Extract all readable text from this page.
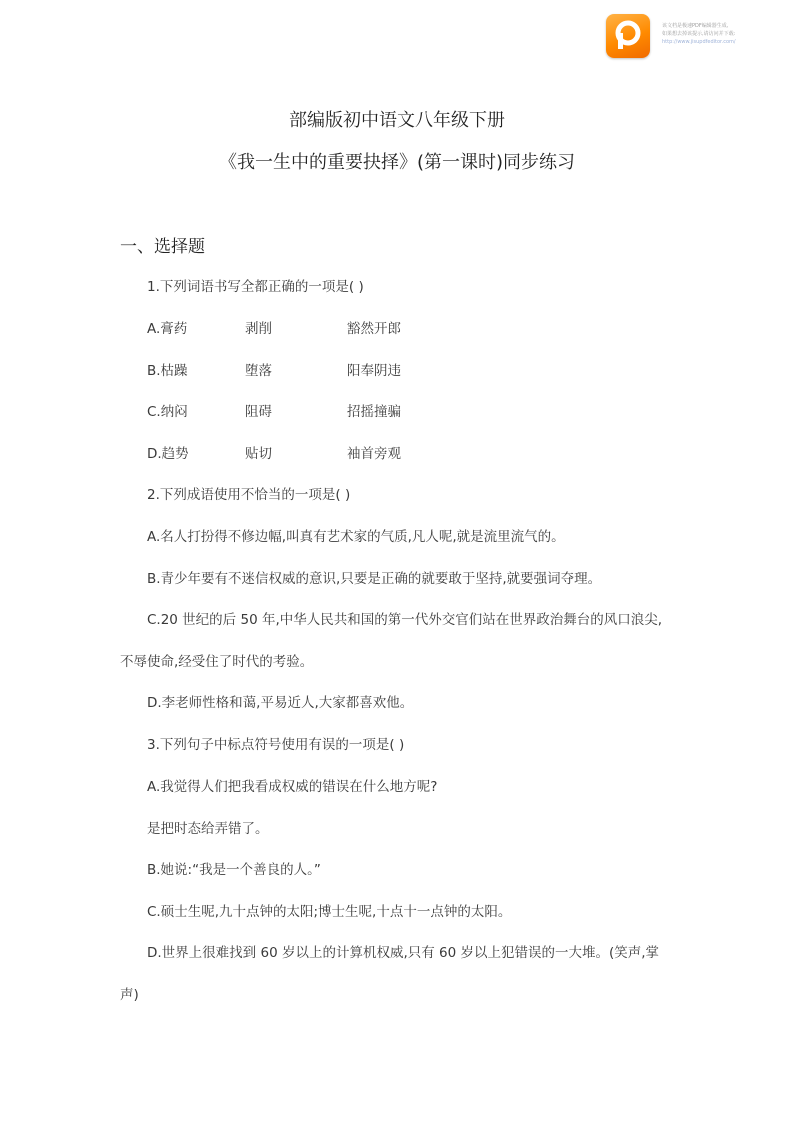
该文档是极速PDF编辑器生成,
如果想去掉该提示,请访问并下载:
http://www.jisupdfeditor.com/
部编版初中语文八年级下册
《我一生中的重要抉择》(第一课时)同步练习
一、选择题
1.下列词语书写全都正确的一项是( )
A.膏药	剥削	豁然开郎
B.枯躁	堕落	阳奉阴违
C.纳闷	阻碍	招摇撞骗
D.趋势	贴切	袖首旁观
2.下列成语使用不恰当的一项是( )
A.名人打扮得不修边幅,叫真有艺术家的气质,凡人呢,就是流里流气的。
B.青少年要有不迷信权威的意识,只要是正确的就要敢于坚持,就要强词夺理。
C.20 世纪的后 50 年,中华人民共和国的第一代外交官们站在世界政治舞台的风口浪尖,
不辱使命,经受住了时代的考验。
D.李老师性格和蔼,平易近人,大家都喜欢他。
3.下列句子中标点符号使用有误的一项是( )
A.我觉得人们把我看成权威的错误在什么地方呢?
是把时态给弄错了。
B.她说:“我是一个善良的人。”
C.硕士生呢,九十点钟的太阳;博士生呢,十点十一点钟的太阳。
D.世界上很难找到 60 岁以上的计算机权威,只有 60 岁以上犯错误的一大堆。(笑声,掌
声)
